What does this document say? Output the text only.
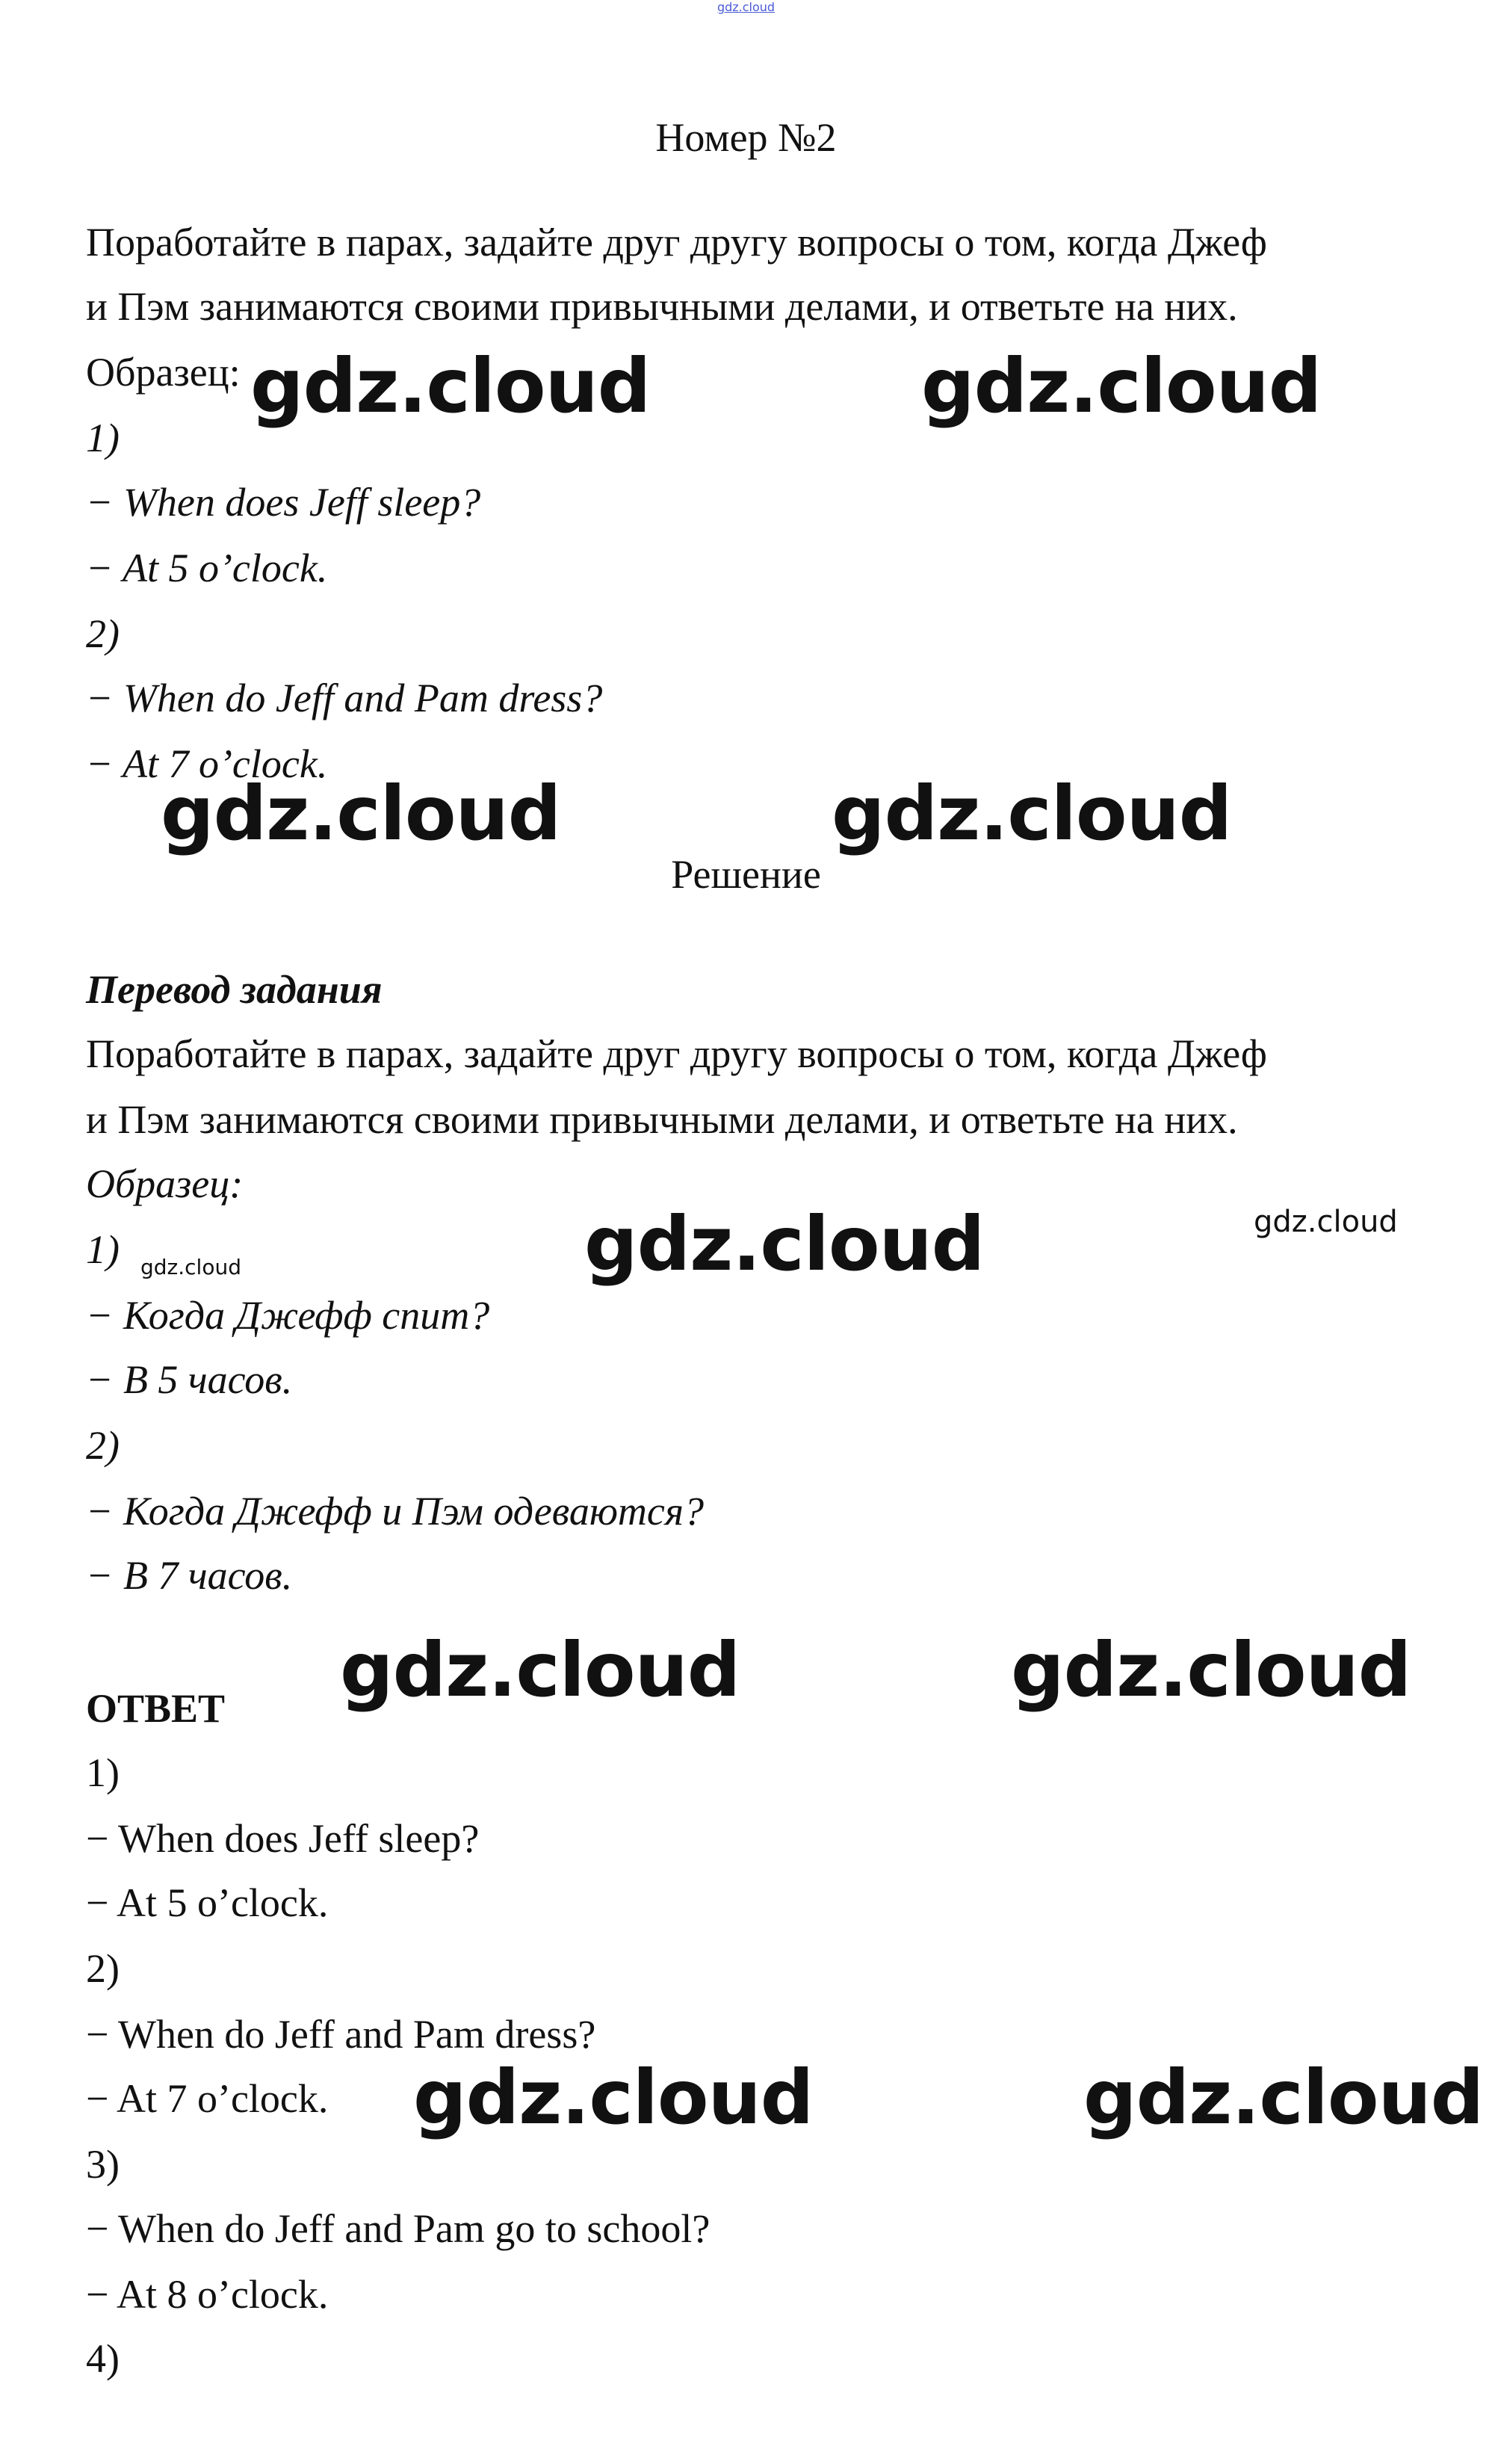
gdz.cloud
Номер №2
Поработайте в парах, задайте друг другу вопросы о том, когда Джеф
и Пэм занимаются своими привычными делами, и ответьте на них.
Образец:
1)
− When does Jeff sleep?
− At 5 o’clock.
2)
− When do Jeff and Pam dress?
− At 7 o’clock.
Решение
Перевод задания
Поработайте в парах, задайте друг другу вопросы о том, когда Джеф
и Пэм занимаются своими привычными делами, и ответьте на них.
Образец:
1)
− Когда Джефф спит?
− В 5 часов.
2)
− Когда Джефф и Пэм одеваются?
− В 7 часов.
ОТВЕТ
1)
− When does Jeff sleep?
− At 5 o’clock.
2)
− When do Jeff and Pam dress?
− At 7 o’clock.
3)
− When do Jeff and Pam go to school?
− At 8 o’clock.
4)
gdz.cloud	gdz.cloud
gdz.cloud	gdz.cloud
gdz.cloud	gdz.cloud
gdz.cloud
gdz.cloud	gdz.cloud
gdz.cloud	gdz.cloud
